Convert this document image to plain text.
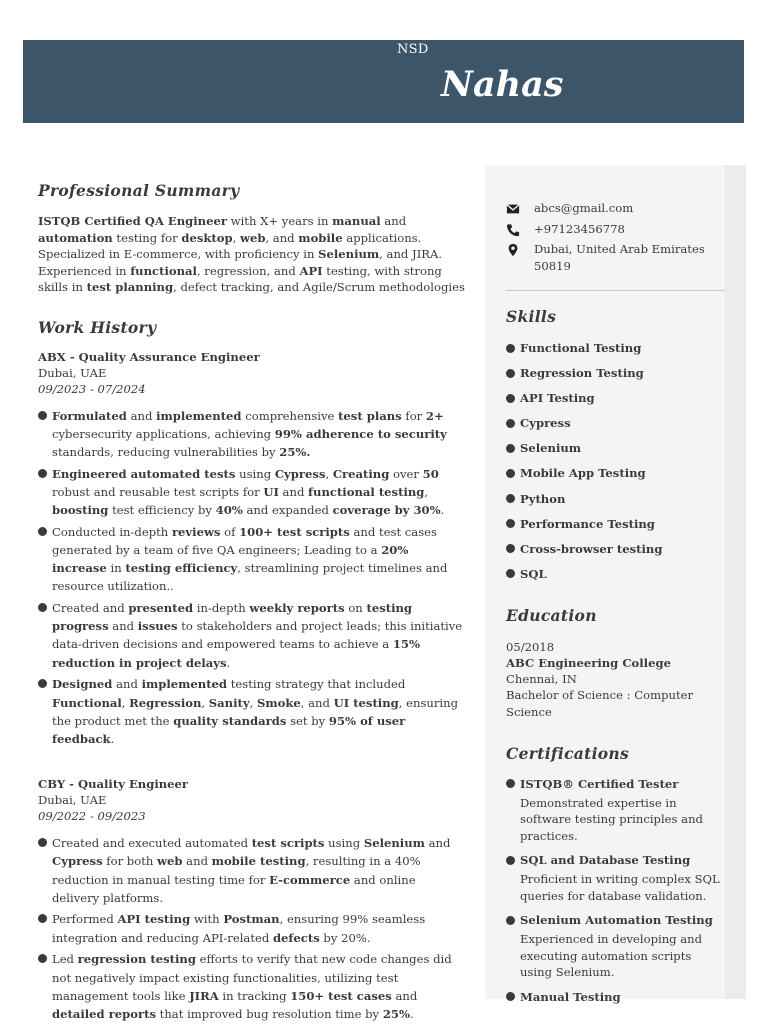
NSD
Nahas
Professional Summary

ISTQB Certified QA Engineer with X+ years in manual and automation testing for desktop, web, and mobile applications. Specialized in E-commerce, with proficiency in Selenium, and JIRA. Experienced in functional, regression, and API testing, with strong skills in test planning, defect tracking, and Agile/Scrum methodologies

Work History
ABX - Quality Assurance Engineer
Dubai, UAE
09/2023 - 07/2024
Formulated and implemented comprehensive test plans for 2+ cybersecurity applications, achieving 99% adherence to security standards, reducing vulnerabilities by 25%.
Engineered automated tests using Cypress, Creating over 50 robust and reusable test scripts for UI and functional testing, boosting test efficiency by 40% and expanded coverage by 30%.
Conducted in-depth reviews of 100+ test scripts and test cases generated by a team of five QA engineers; Leading to a 20% increase in testing efficiency, streamlining project timelines and resource utilization..
Created and presented in-depth weekly reports on testing progress and issues to stakeholders and project leads; this initiative data-driven decisions and empowered teams to achieve a 15% reduction in project delays.
Designed and implemented testing strategy that included Functional, Regression, Sanity, Smoke, and UI testing, ensuring the product met the quality standards set by 95% of user feedback.
CBY - Quality Engineer
Dubai, UAE
09/2022 - 09/2023
Created and executed automated test scripts using Selenium and Cypress for both web and mobile testing, resulting in a 40% reduction in manual testing time for E-commerce and online delivery platforms.
Performed API testing with Postman, ensuring 99% seamless integration and reducing API-related defects by 20%.
Led regression testing efforts to verify that new code changes did not negatively impact existing functionalities, utilizing test management tools like JIRA in tracking 150+ test cases and detailed reports that improved bug resolution time by 25%.
abcs@gmail.com
+97123456778
Dubai, United Arab Emirates 50819
Skills
Functional Testing
Regression Testing
API Testing
Cypress
Selenium
Mobile App Testing
Python
Performance Testing
Cross-browser testing
SQL
Education
05/2018
ABC Engineering College
Chennai, IN
Bachelor of Science : Computer Science
Certifications
ISTQB® Certified Tester
Demonstrated expertise in software testing principles and practices.
SQL and Database Testing
Proficient in writing complex SQL queries for database validation.
Selenium Automation Testing
Experienced in developing and executing automation scripts using Selenium.
Manual Testing
